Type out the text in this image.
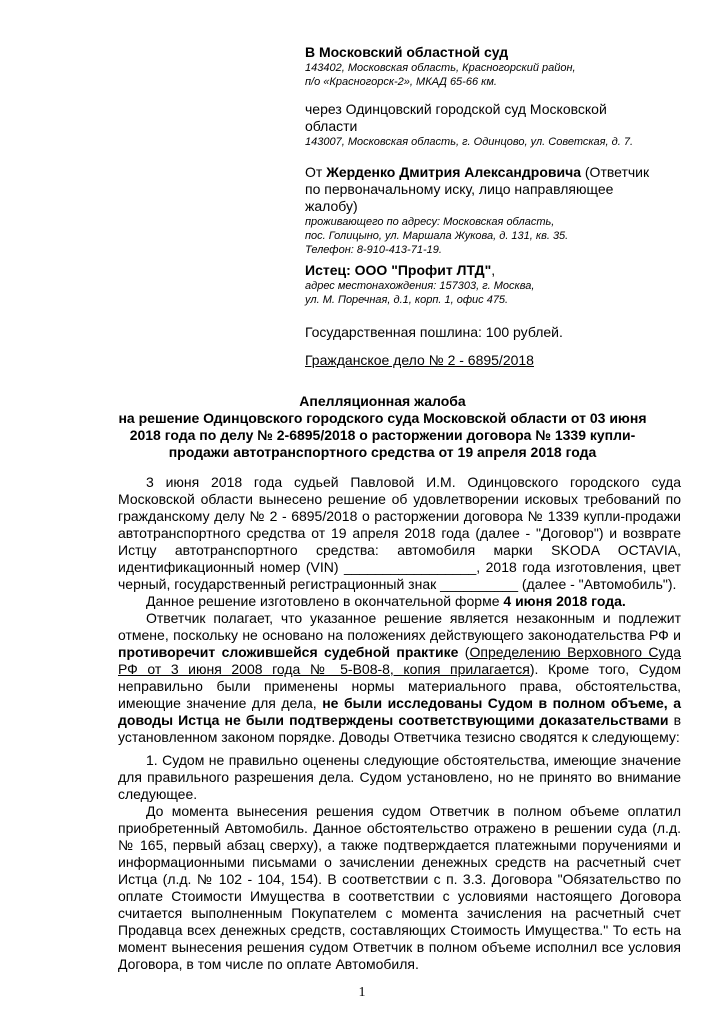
В Московский областной суд
143402, Московская область, Красногорский район,
п/о «Красногорск-2», МКАД 65-66 км.
через Одинцовский городской суд Московской
области
143007, Московская область, г. Одинцово, ул. Советская, д. 7.
От Жерденко Дмитрия Александровича (Ответчик
по первоначальному иску, лицо направляющее
жалобу)
проживающего по адресу: Московская область,
пос. Голицыно, ул. Маршала Жукова, д. 131, кв. 35.
Телефон: 8-910-413-71-19.
Истец: ООО "Профит ЛТД",
адрес местонахождения: 157303, г. Москва,
ул. М. Поречная, д.1, корп. 1, офис 475.
Государственная пошлина: 100 рублей.
Гражданское дело № 2 - 6895/2018
Апелляционная жалоба
на решение Одинцовского городского суда Московской области от 03 июня
2018 года по делу № 2-6895/2018 о расторжении договора № 1339 купли-
продажи автотранспортного средства от 19 апреля 2018 года

3 июня 2018 года судьей Павловой И.М. Одинцовского городского суда Московской области вынесено решение об удовлетворении исковых требований по гражданскому делу № 2 - 6895/2018 о расторжении договора № 1339 купли-продажи автотранспортного средства от 19 апреля 2018 года (далее - "Договор") и возврате Истцу автотранспортного средства: автомобиля марки SKODA OCTAVIA, идентификационный номер (VIN) _________________, 2018 года изготовления, цвет черный, государственный регистрационный знак __________ (далее - "Автомобиль").

Данное решение изготовлено в окончательной форме 4 июня 2018 года.

Ответчик полагает, что указанное решение является незаконным и подлежит отмене, поскольку не основано на положениях действующего законодательства РФ и противоречит сложившейся судебной практике (Определению Верховного Суда РФ от 3 июня 2008 года № 5-В08-8, копия прилагается). Кроме того, Судом неправильно были применены нормы материального права, обстоятельства, имеющие значение для дела, не были исследованы Судом в полном объеме, а доводы Истца не были подтверждены соответствующими доказательствами в установленном законом порядке. Доводы Ответчика тезисно сводятся к следующему:

1. Судом не правильно оценены следующие обстоятельства, имеющие значение для правильного разрешения дела. Судом установлено, но не принято во внимание следующее.

До момента вынесения решения судом Ответчик в полном объеме оплатил приобретенный Автомобиль. Данное обстоятельство отражено в решении суда (л.д. № 165, первый абзац сверху), а также подтверждается платежными поручениями и информационными письмами о зачислении денежных средств на расчетный счет Истца (л.д. № 102 - 104, 154). В соответствии с п. 3.3. Договора "Обязательство по оплате Стоимости Имущества в соответствии с условиями настоящего Договора считается выполненным Покупателем с момента зачисления на расчетный счет Продавца всех денежных средств, составляющих Стоимость Имущества." То есть на момент вынесения решения судом Ответчик в полном объеме исполнил все условия Договора, в том числе по оплате Автомобиля.

1
